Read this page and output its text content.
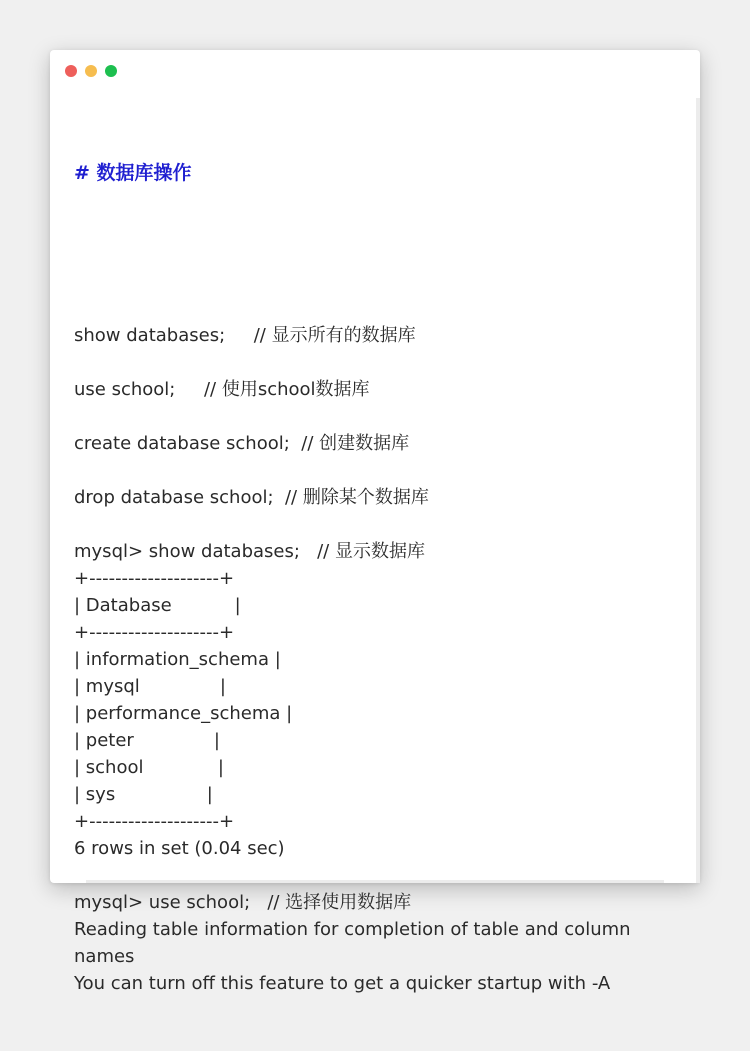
# 数据库操作

show databases;     // 显示所有的数据库
use school;     // 使用school数据库
create database school;  // 创建数据库
drop database school;  // 删除某个数据库
mysql> show databases;   // 显示数据库
+--------------------+
| Database           |
+--------------------+
| information_schema |
| mysql              |
| performance_schema |
| peter              |
| school             |
| sys                |
+--------------------+
6 rows in set (0.04 sec)
mysql> use school;   // 选择使用数据库
Reading table information for completion of table and column
names
You can turn off this feature to get a quicker startup with -A
